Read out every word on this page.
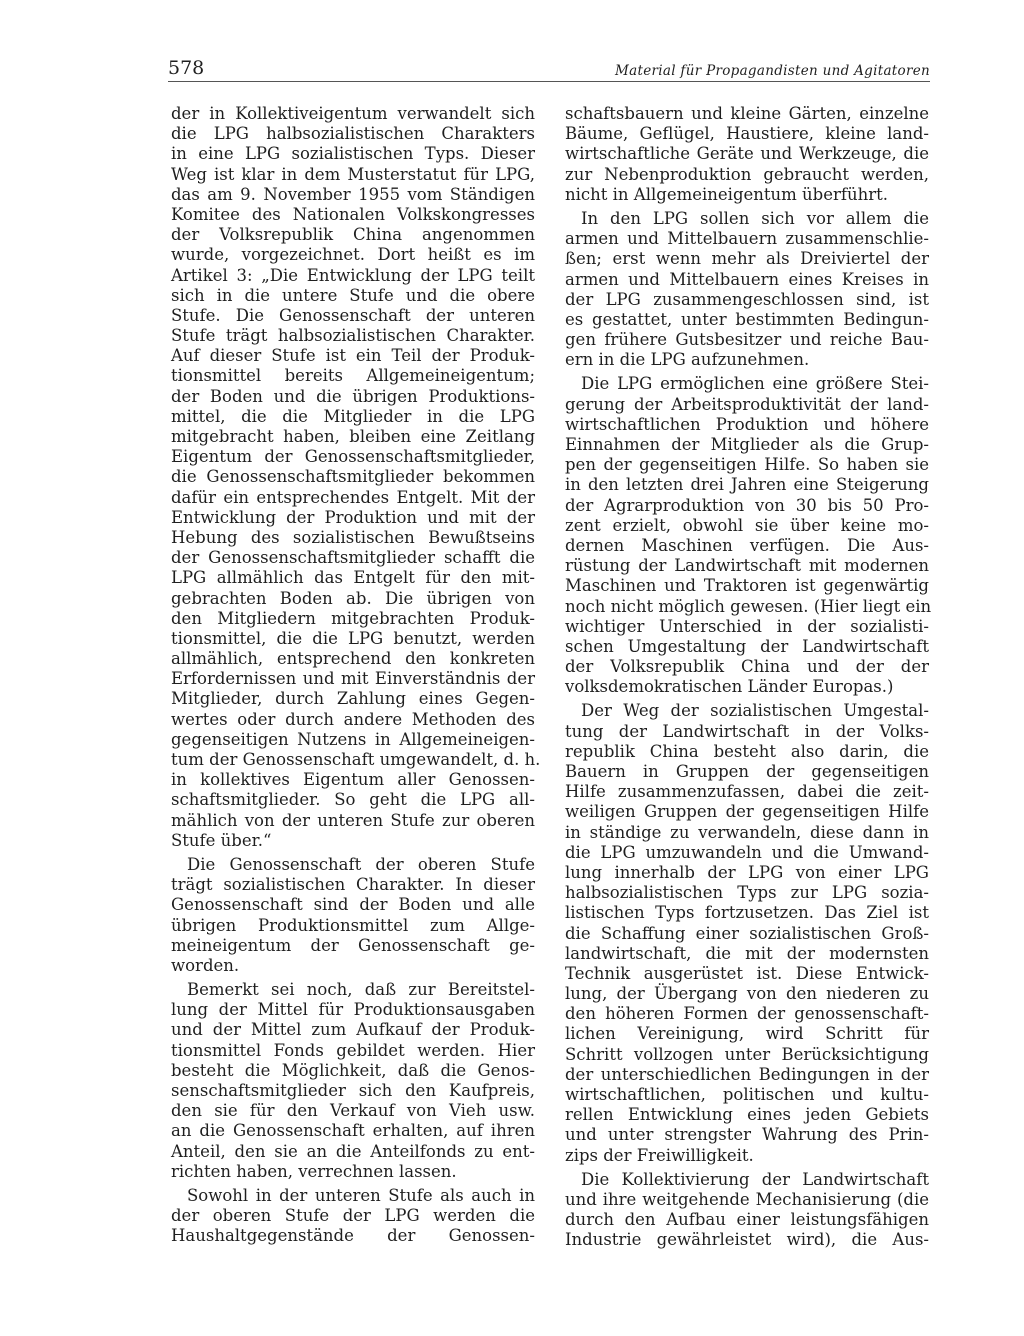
578	Material für Propagandisten und Agitatoren
der in Kollektiveigentum verwandelt sich
die LPG halbsozialistischen Charakters
in eine LPG sozialistischen Typs. Dieser
Weg ist klar in dem Musterstatut für LPG,
das am 9. November 1955 vom Ständigen
Komitee des Nationalen Volkskongresses
der Volksrepublik China angenommen
wurde, vorgezeichnet. Dort heißt es im
Artikel 3: „Die Entwicklung der LPG teilt
sich in die untere Stufe und die obere
Stufe. Die Genossenschaft der unteren
Stufe trägt halbsozialistischen Charakter.
Auf dieser Stufe ist ein Teil der Produk-
tionsmittel bereits Allgemeineigentum;
der Boden und die übrigen Produktions-
mittel, die die Mitglieder in die LPG
mitgebracht haben, bleiben eine Zeitlang
Eigentum der Genossenschaftsmitglieder,
die Genossenschaftsmitglieder bekommen
dafür ein entsprechendes Entgelt. Mit der
Entwicklung der Produktion und mit der
Hebung des sozialistischen Bewußtseins
der Genossenschaftsmitglieder schafft die
LPG allmählich das Entgelt für den mit-
gebrachten Boden ab. Die übrigen von
den Mitgliedern mitgebrachten Produk-
tionsmittel, die die LPG benutzt, werden
allmählich, entsprechend den konkreten
Erfordernissen und mit Einverständnis der
Mitglieder, durch Zahlung eines Gegen-
wertes oder durch andere Methoden des
gegenseitigen Nutzens in Allgemeineigen-
tum der Genossenschaft umgewandelt, d. h.
in kollektives Eigentum aller Genossen-
schaftsmitglieder. So geht die LPG all-
mählich von der unteren Stufe zur oberen
Stufe über.“
Die Genossenschaft der oberen Stufe
trägt sozialistischen Charakter. In dieser
Genossenschaft sind der Boden und alle
übrigen Produktionsmittel zum Allge-
meineigentum der Genossenschaft ge-
worden.
Bemerkt sei noch, daß zur Bereitstel-
lung der Mittel für Produktionsausgaben
und der Mittel zum Aufkauf der Produk-
tionsmittel Fonds gebildet werden. Hier
besteht die Möglichkeit, daß die Genos-
senschaftsmitglieder sich den Kaufpreis,
den sie für den Verkauf von Vieh usw.
an die Genossenschaft erhalten, auf ihren
Anteil, den sie an die Anteilfonds zu ent-
richten haben, verrechnen lassen.
Sowohl in der unteren Stufe als auch in
der oberen Stufe der LPG werden die
Haushaltgegenstände der Genossen-
schaftsbauern und kleine Gärten, einzelne
Bäume, Geflügel, Haustiere, kleine land-
wirtschaftliche Geräte und Werkzeuge, die
zur Nebenproduktion gebraucht werden,
nicht in Allgemeineigentum überführt.
In den LPG sollen sich vor allem die
armen und Mittelbauern zusammenschlie-
ßen; erst wenn mehr als Dreiviertel der
armen und Mittelbauern eines Kreises in
der LPG zusammengeschlossen sind, ist
es gestattet, unter bestimmten Bedingun-
gen frühere Gutsbesitzer und reiche Bau-
ern in die LPG aufzunehmen.
Die LPG ermöglichen eine größere Stei-
gerung der Arbeitsproduktivität der land-
wirtschaftlichen Produktion und höhere
Einnahmen der Mitglieder als die Grup-
pen der gegenseitigen Hilfe. So haben sie
in den letzten drei Jahren eine Steigerung
der Agrarproduktion von 30 bis 50 Pro-
zent erzielt, obwohl sie über keine mo-
dernen Maschinen verfügen. Die Aus-
rüstung der Landwirtschaft mit modernen
Maschinen und Traktoren ist gegenwärtig
noch nicht möglich gewesen. (Hier liegt ein
wichtiger Unterschied in der sozialisti-
schen Umgestaltung der Landwirtschaft
der Volksrepublik China und der der
volksdemokratischen Länder Europas.)
Der Weg der sozialistischen Umgestal-
tung der Landwirtschaft in der Volks-
republik China besteht also darin, die
Bauern in Gruppen der gegenseitigen
Hilfe zusammenzufassen, dabei die zeit-
weiligen Gruppen der gegenseitigen Hilfe
in ständige zu verwandeln, diese dann in
die LPG umzuwandeln und die Umwand-
lung innerhalb der LPG von einer LPG
halbsozialistischen Typs zur LPG sozia-
listischen Typs fortzusetzen. Das Ziel ist
die Schaffung einer sozialistischen Groß-
landwirtschaft, die mit der modernsten
Technik ausgerüstet ist. Diese Entwick-
lung, der Übergang von den niederen zu
den höheren Formen der genossenschaft-
lichen Vereinigung, wird Schritt für
Schritt vollzogen unter Berücksichtigung
der unterschiedlichen Bedingungen in der
wirtschaftlichen, politischen und kultu-
rellen Entwicklung eines jeden Gebiets
und unter strengster Wahrung des Prin-
zips der Freiwilligkeit.
Die Kollektivierung der Landwirtschaft
und ihre weitgehende Mechanisierung (die
durch den Aufbau einer leistungsfähigen
Industrie gewährleistet wird), die Aus-
